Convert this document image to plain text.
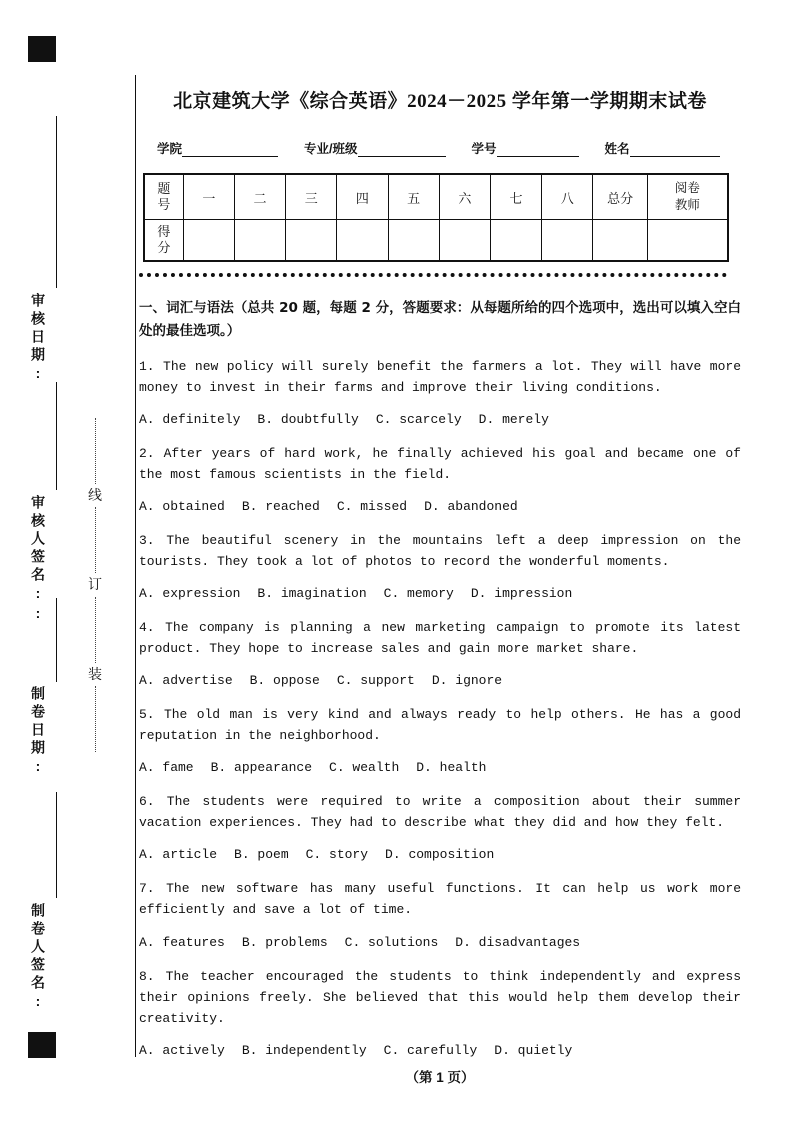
审核日期:
审核人签名::
制卷日期:
制卷人签名:
线
订
装
北京建筑大学《综合英语》2024－2025 学年第一学期期末试卷
学院	专业/班级	学号	姓名
题号	一	二	三	四	五	六	七	八	总分	阅卷教师
得分										
一、词汇与语法（总共 20 题，每题 2 分，答题要求：从每题所给的四个选项中，选出可以填入空白处的最佳选项。）

1. The new policy will surely benefit the farmers a lot. They will have more money to invest in their farms and improve their living conditions.

A. definitely B. doubtfully C. scarcely D. merely

2. After years of hard work, he finally achieved his goal and became one of the most famous scientists in the field.

A. obtained B. reached C. missed D. abandoned

3. The beautiful scenery in the mountains left a deep impression on the tourists. They took a lot of photos to record the wonderful moments.

A. expression B. imagination C. memory D. impression

4. The company is planning a new marketing campaign to promote its latest product. They hope to increase sales and gain more market share.

A. advertise B. oppose C. support D. ignore

5. The old man is very kind and always ready to help others. He has a good reputation in the neighborhood.

A. fame B. appearance C. wealth D. health

6. The students were required to write a composition about their summer vacation experiences. They had to describe what they did and how they felt.

A. article B. poem C. story D. composition

7. The new software has many useful functions. It can help us work more efficiently and save a lot of time.

A. features B. problems C. solutions D. disadvantages

8. The teacher encouraged the students to think independently and express their opinions freely. She believed that this would help them develop their creativity.

A. actively B. independently C. carefully D. quietly
（第 1 页）
